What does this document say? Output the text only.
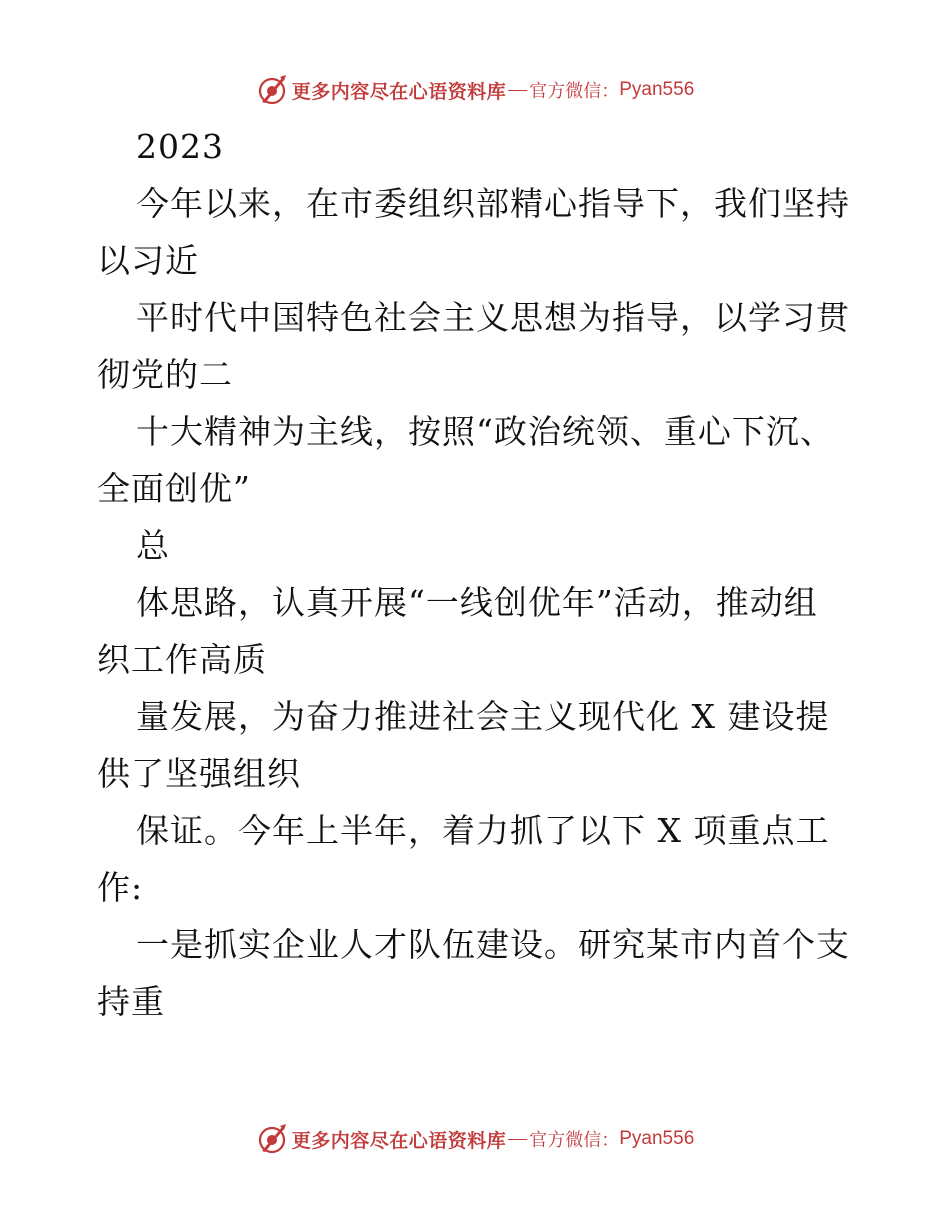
更多内容尽在心语资料库 — 官方微信： Pyan556
2023
今年以来，在市委组织部精心指导下，我们坚持
以习近
平时代中国特色社会主义思想为指导，以学习贯
彻党的二
十大精神为主线，按照“政治统领、重心下沉、
全面创优”
总
体思路，认真开展“一线创优年”活动，推动组
织工作高质
量发展，为奋力推进社会主义现代化 X 建设提
供了坚强组织
保证。今年上半年，着力抓了以下 X 项重点工
作:
一是抓实企业人才队伍建设。研究某市内首个支
持重
更多内容尽在心语资料库 — 官方微信： Pyan556
